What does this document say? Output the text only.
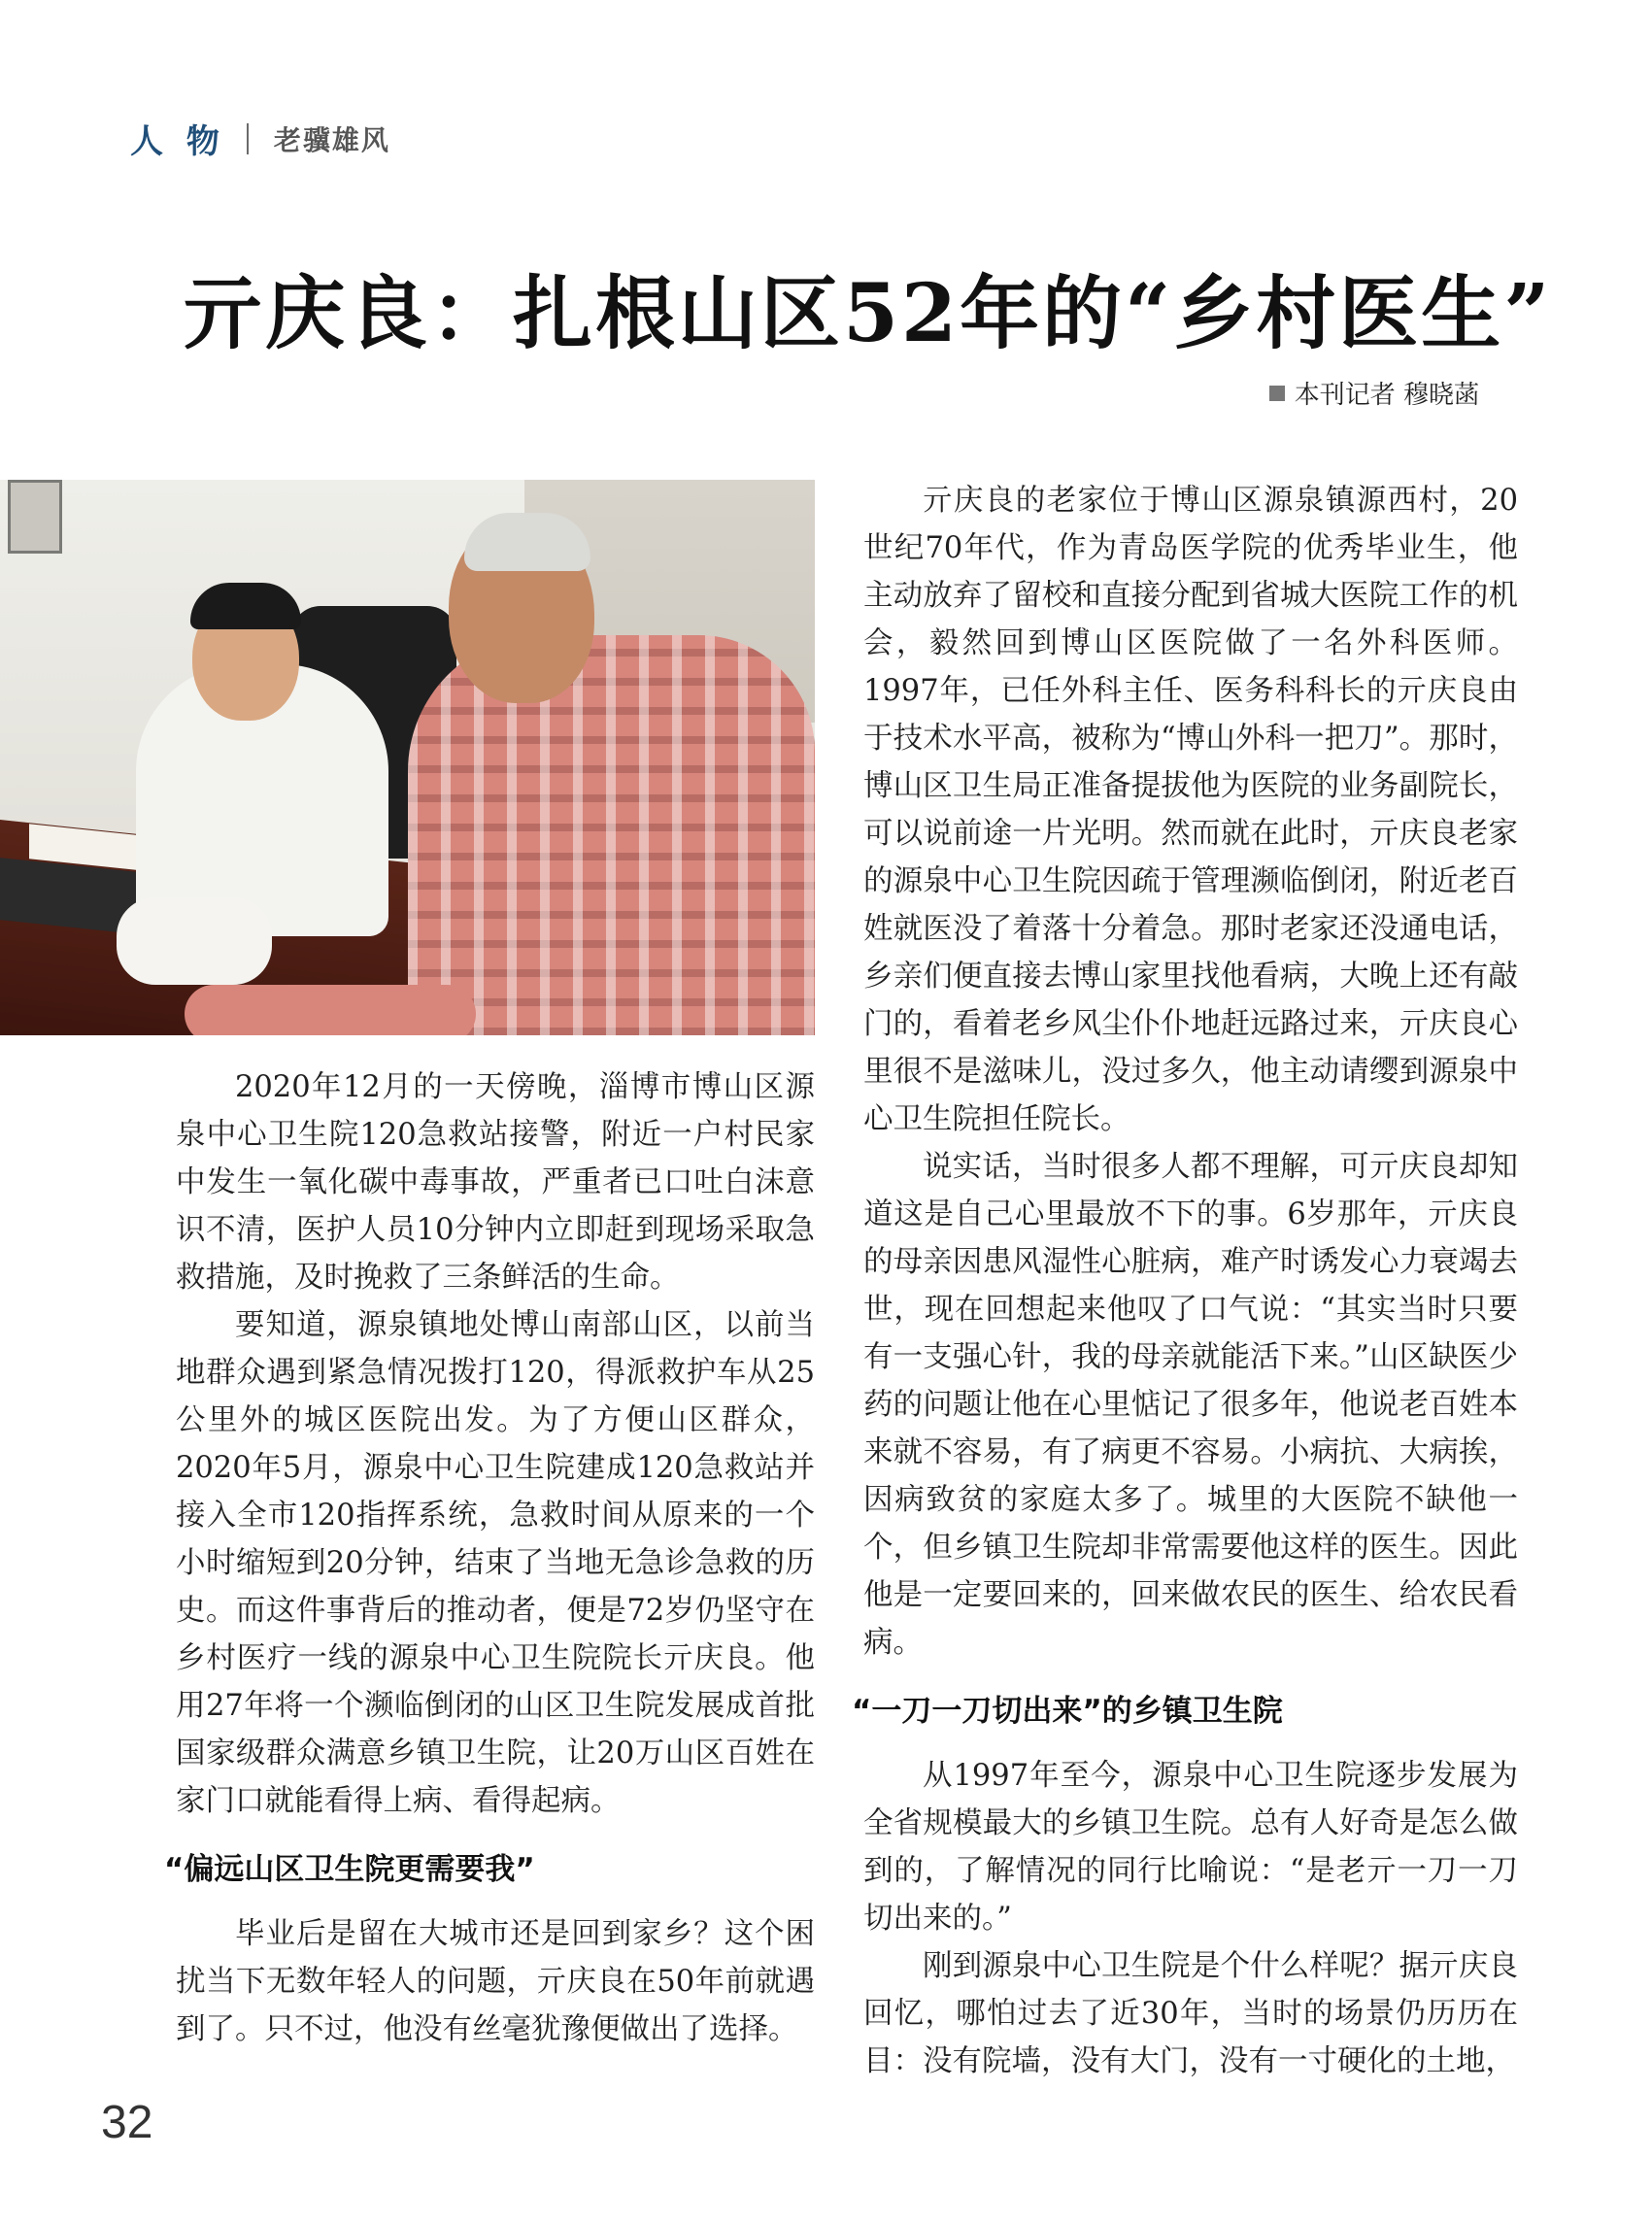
人 物 老骥雄风
亓庆良：扎根山区52年的“乡村医生”
本刊记者 穆晓菡

2020年12月的一天傍晚，淄博市博山区源泉中心卫生院120急救站接警，附近一户村民家中发生一氧化碳中毒事故，严重者已口吐白沫意识不清，医护人员10分钟内立即赶到现场采取急救措施，及时挽救了三条鲜活的生命。

要知道，源泉镇地处博山南部山区，以前当地群众遇到紧急情况拨打120，得派救护车从25公里外的城区医院出发。为了方便山区群众，2020年5月，源泉中心卫生院建成120急救站并接入全市120指挥系统，急救时间从原来的一个小时缩短到20分钟，结束了当地无急诊急救的历史。而这件事背后的推动者，便是72岁仍坚守在乡村医疗一线的源泉中心卫生院院长亓庆良。他用27年将一个濒临倒闭的山区卫生院发展成首批国家级群众满意乡镇卫生院，让20万山区百姓在家门口就能看得上病、看得起病。

“偏远山区卫生院更需要我”

毕业后是留在大城市还是回到家乡？这个困扰当下无数年轻人的问题，亓庆良在50年前就遇到了。只不过，他没有丝毫犹豫便做出了选择。

亓庆良的老家位于博山区源泉镇源西村，20世纪70年代，作为青岛医学院的优秀毕业生，他主动放弃了留校和直接分配到省城大医院工作的机会，毅然回到博山区医院做了一名外科医师。1997年，已任外科主任、医务科科长的亓庆良由于技术水平高，被称为“博山外科一把刀”。那时，博山区卫生局正准备提拔他为医院的业务副院长，可以说前途一片光明。然而就在此时，亓庆良老家的源泉中心卫生院因疏于管理濒临倒闭，附近老百姓就医没了着落十分着急。那时老家还没通电话，乡亲们便直接去博山家里找他看病，大晚上还有敲门的，看着老乡风尘仆仆地赶远路过来，亓庆良心里很不是滋味儿，没过多久，他主动请缨到源泉中心卫生院担任院长。

说实话，当时很多人都不理解，可亓庆良却知道这是自己心里最放不下的事。6岁那年，亓庆良的母亲因患风湿性心脏病，难产时诱发心力衰竭去世，现在回想起来他叹了口气说：“其实当时只要有一支强心针，我的母亲就能活下来。”山区缺医少药的问题让他在心里惦记了很多年，他说老百姓本来就不容易，有了病更不容易。小病抗、大病挨，因病致贫的家庭太多了。城里的大医院不缺他一个，但乡镇卫生院却非常需要他这样的医生。因此他是一定要回来的，回来做农民的医生、给农民看病。

“一刀一刀切出来”的乡镇卫生院

从1997年至今，源泉中心卫生院逐步发展为全省规模最大的乡镇卫生院。总有人好奇是怎么做到的，了解情况的同行比喻说：“是老亓一刀一刀切出来的。”

刚到源泉中心卫生院是个什么样呢？据亓庆良回忆，哪怕过去了近30年，当时的场景仍历历在目：没有院墙，没有大门，没有一寸硬化的土地，

32
